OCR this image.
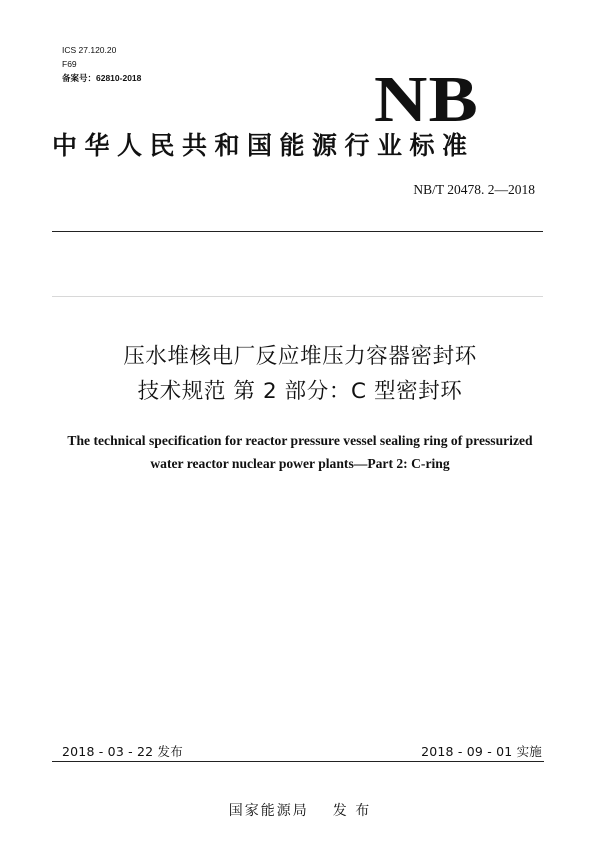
ICS 27.120.20
F69
备案号：62810-2018	NB
中华人民共和国能源行业标准
NB/T 20478. 2—2018
压水堆核电厂反应堆压力容器密封环
技术规范 第 2 部分：C 型密封环
The technical specification for reactor pressure vessel sealing ring of pressurized
water reactor nuclear power plants—Part 2: C-ring
2018 - 03 - 22 发布	2018 - 09 - 01 实施
国家能源局 发 布
